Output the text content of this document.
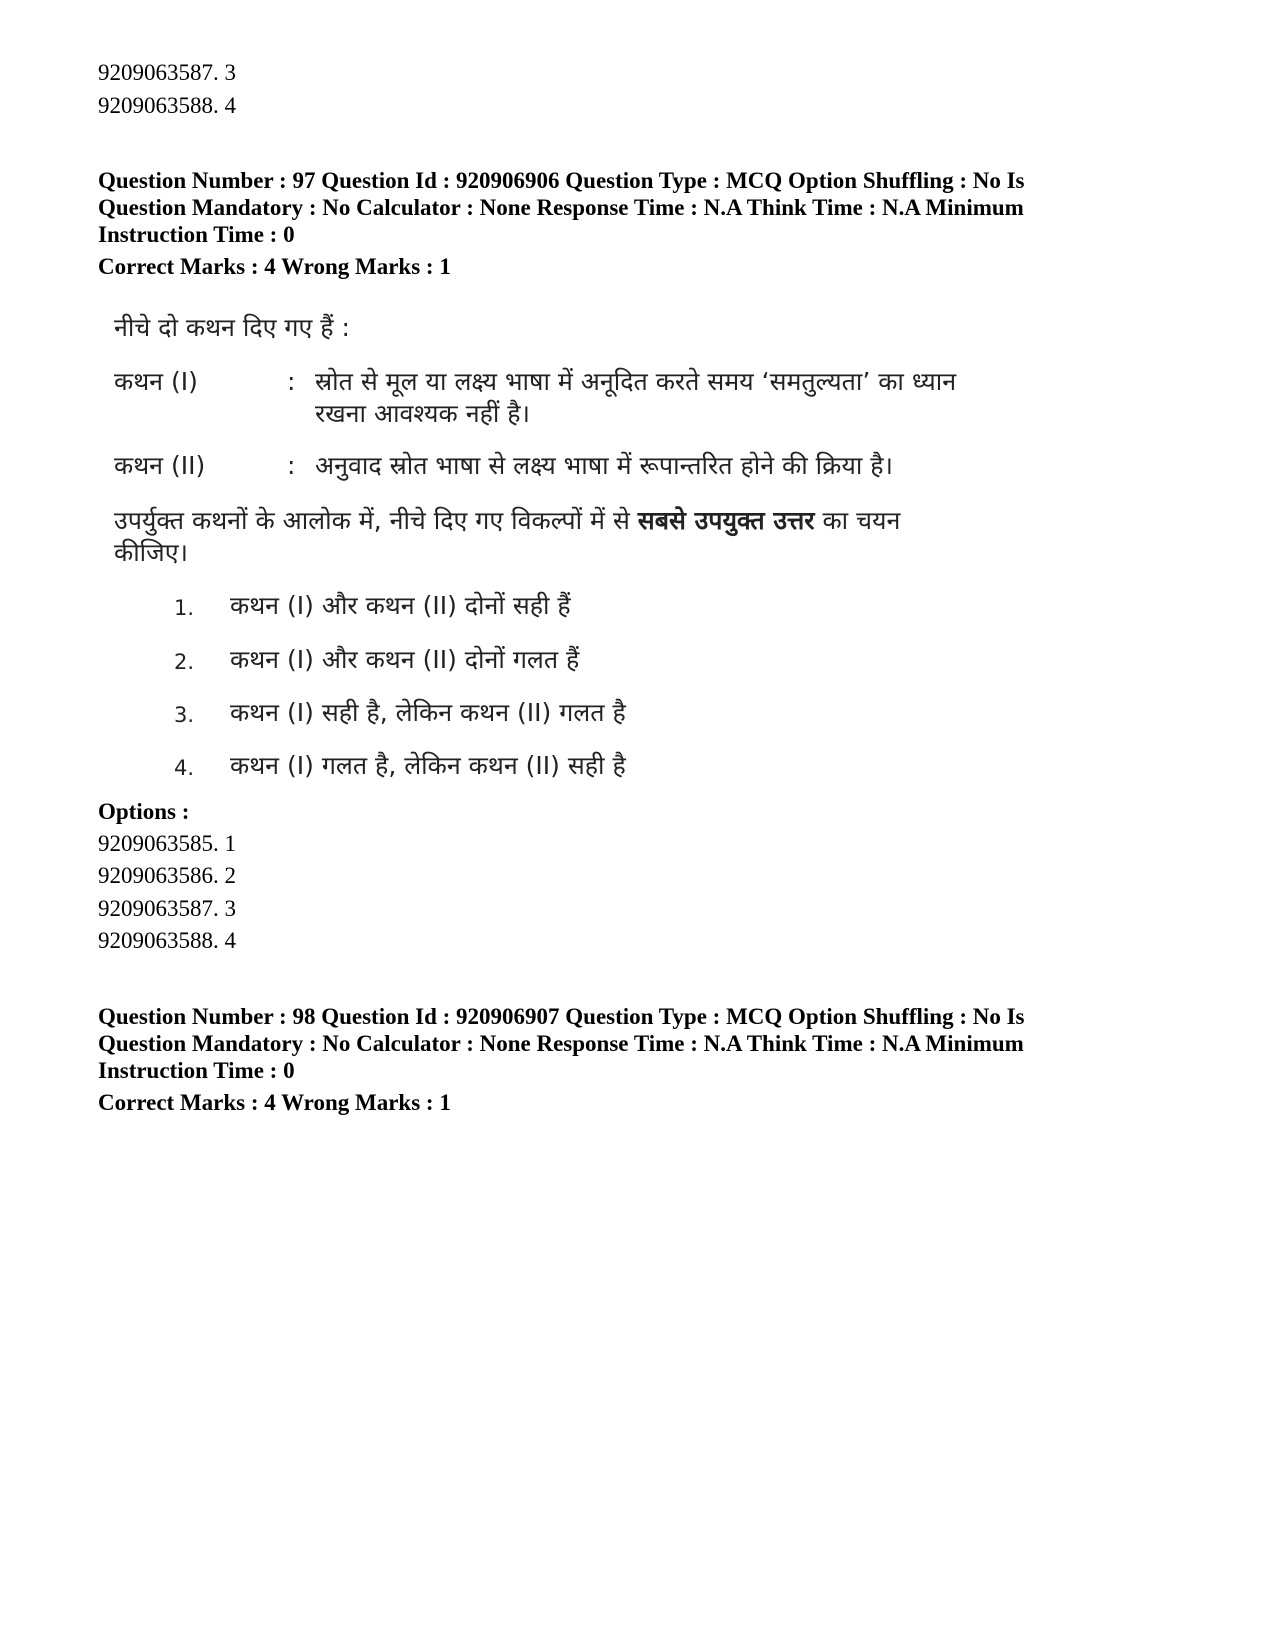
9209063587. 3
9209063588. 4
Question Number : 97 Question Id : 920906906 Question Type : MCQ Option Shuffling : No Is
Question Mandatory : No Calculator : None Response Time : N.A Think Time : N.A Minimum
Instruction Time : 0
Correct Marks : 4 Wrong Marks : 1
नीचे दो कथन दिए गए हैं :
कथन (I)	: स्रोत से मूल या लक्ष्य भाषा में अनूदित करते समय ‘समतुल्यता’ का ध्यान
रखना आवश्यक नहीं है।
कथन (II)	: अनुवाद स्रोत भाषा से लक्ष्य भाषा में रूपान्तरित होने की क्रिया है।
उपर्युक्त कथनों के आलोक में, नीचे दिए गए विकल्पों में से सबसे उपयुक्त उत्तर का चयन
कीजिए।
1. कथन (I) और कथन (II) दोनों सही हैं
2. कथन (I) और कथन (II) दोनों गलत हैं
3. कथन (I) सही है, लेकिन कथन (II) गलत है
4. कथन (I) गलत है, लेकिन कथन (II) सही है
Options :
9209063585. 1
9209063586. 2
9209063587. 3
9209063588. 4
Question Number : 98 Question Id : 920906907 Question Type : MCQ Option Shuffling : No Is
Question Mandatory : No Calculator : None Response Time : N.A Think Time : N.A Minimum
Instruction Time : 0
Correct Marks : 4 Wrong Marks : 1
